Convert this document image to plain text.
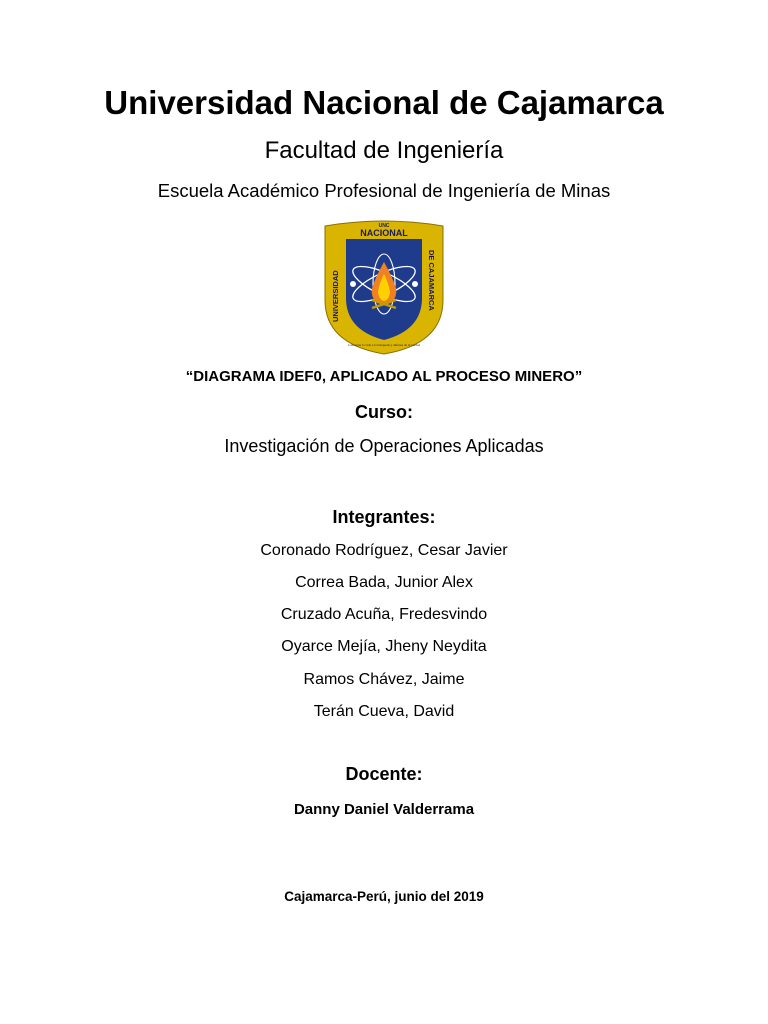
Universidad Nacional de Cajamarca
Facultad de Ingeniería
Escuela Académico Profesional de Ingeniería de Minas
UNC
NACIONAL
UNIVERSIDAD	DE CAJAMARCA
Consagrar la vida a la búsqueda y defensa de la verdad
“DIAGRAMA IDEF0, APLICADO AL PROCESO MINERO”
Curso:
Investigación de Operaciones Aplicadas
Integrantes:
Coronado Rodríguez, Cesar Javier
Correa Bada, Junior Alex
Cruzado Acuña, Fredesvindo
Oyarce Mejía, Jheny Neydita
Ramos Chávez, Jaime
Terán Cueva, David
Docente:
Danny Daniel Valderrama
Cajamarca-Perú, junio del 2019
